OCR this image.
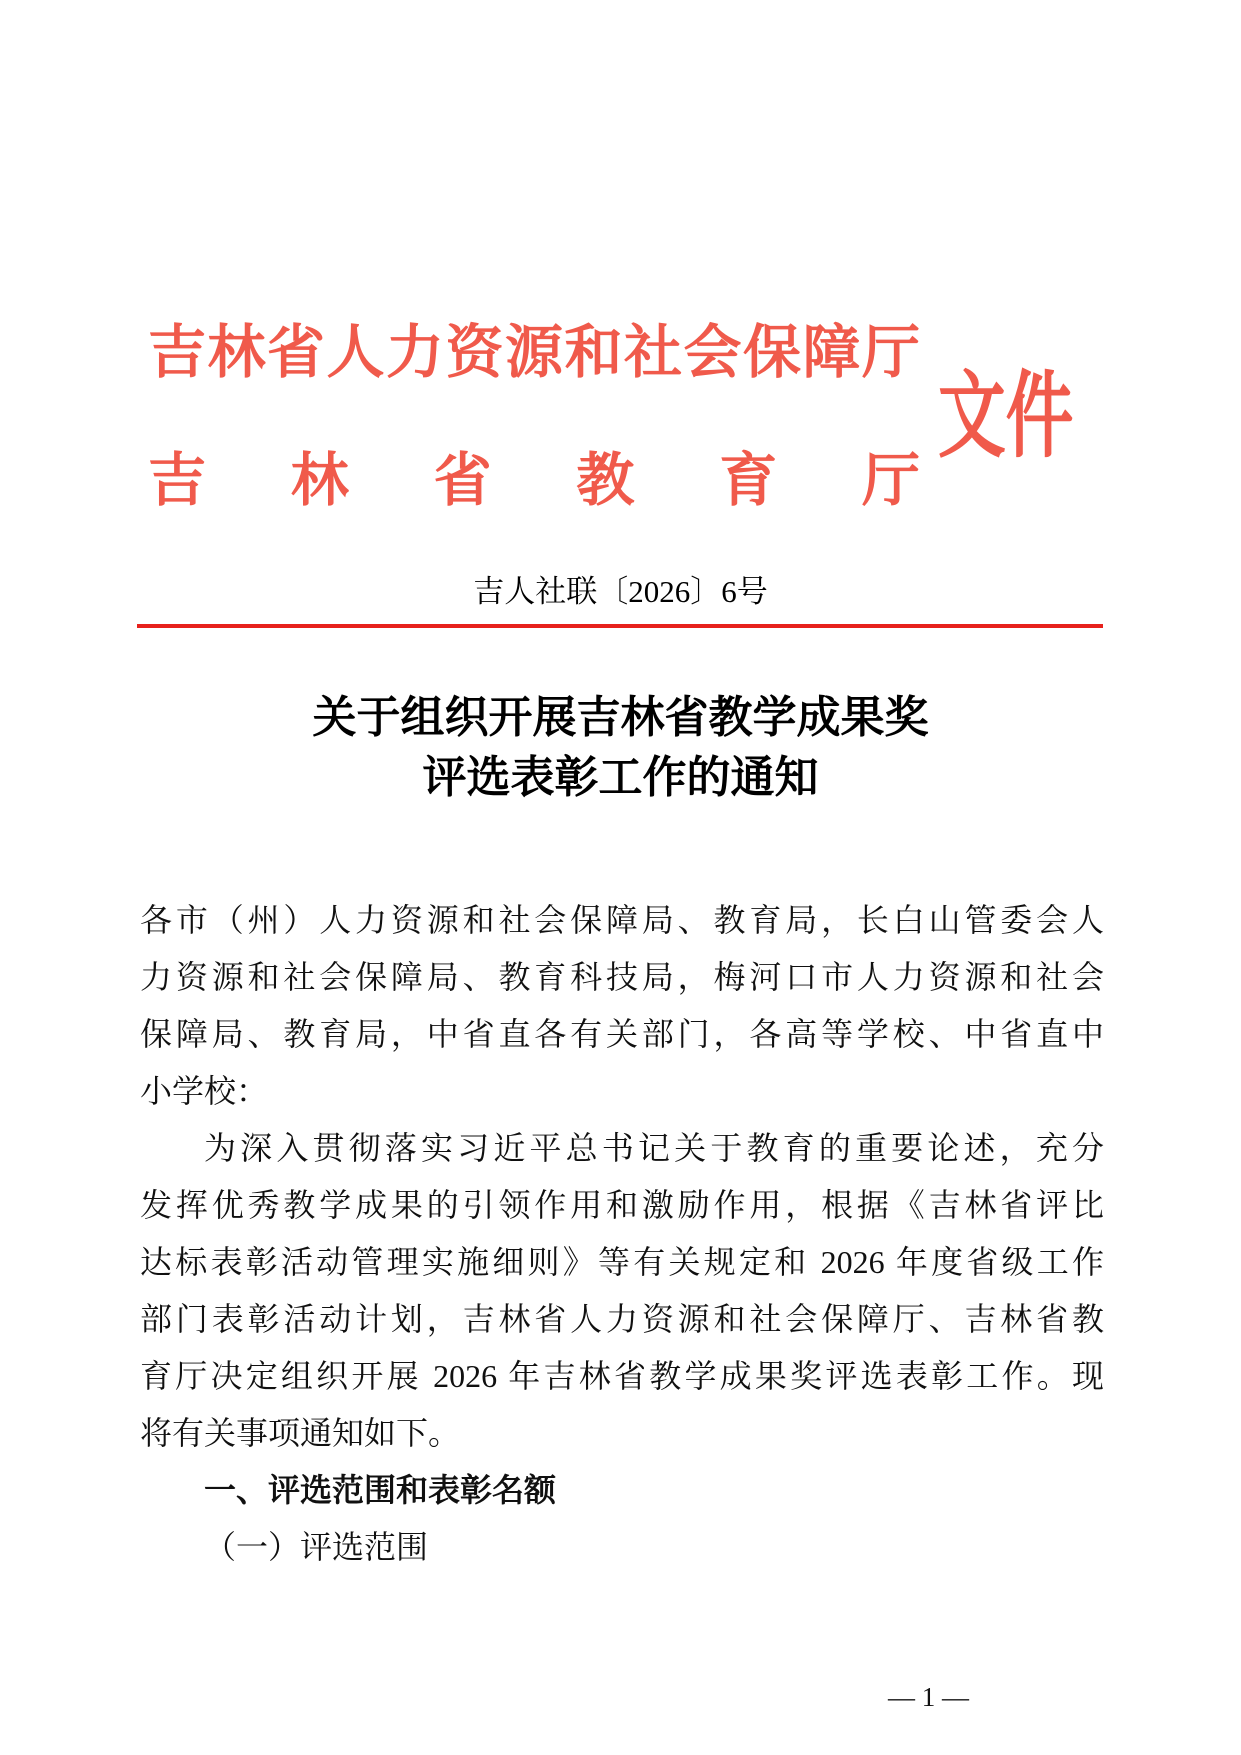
吉林省人力资源和社会保障厅
吉林省教育厅
文件
吉人社联〔2026〕6号
关于组织开展吉林省教学成果奖
评选表彰工作的通知
各市（州）人力资源和社会保障局、教育局，长白山管委会人
力资源和社会保障局、教育科技局，梅河口市人力资源和社会
保障局、教育局，中省直各有关部门，各高等学校、中省直中
小学校：
为深入贯彻落实习近平总书记关于教育的重要论述，充分
发挥优秀教学成果的引领作用和激励作用，根据《吉林省评比
达标表彰活动管理实施细则》等有关规定和 2026 年度省级工作
部门表彰活动计划，吉林省人力资源和社会保障厅、吉林省教
育厅决定组织开展 2026 年吉林省教学成果奖评选表彰工作。现
将有关事项通知如下。
一、评选范围和表彰名额
（一）评选范围
— 1 —
